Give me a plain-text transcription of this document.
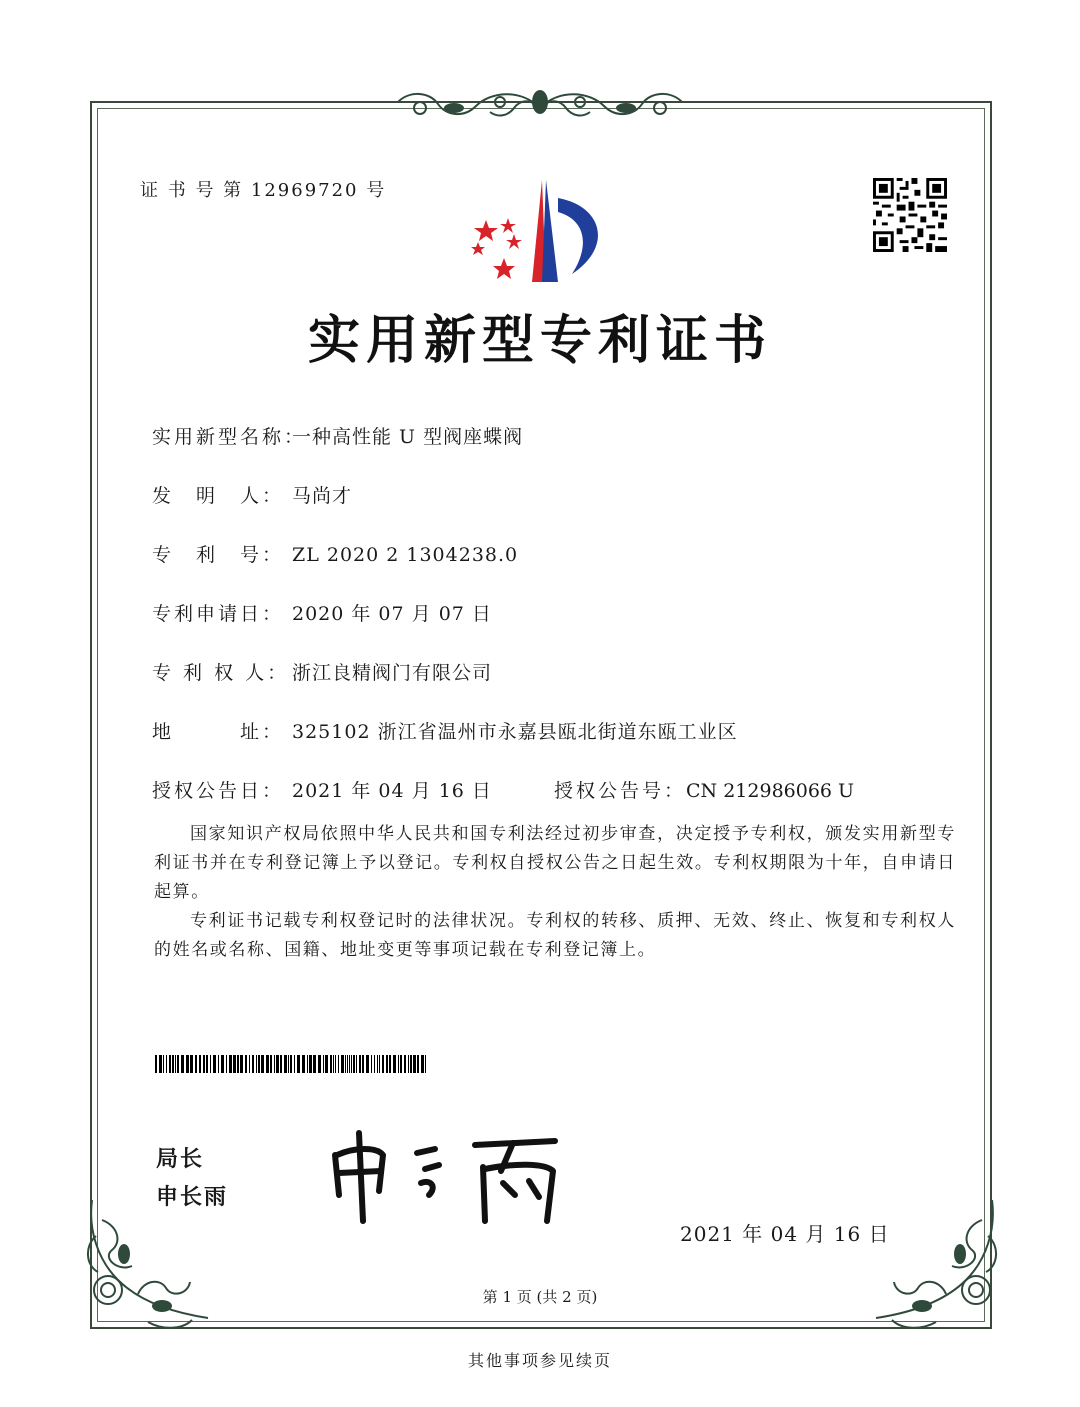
证 书 号 第 12969720 号
实用新型专利证书
实用新型名称：一种高性能 U 型阀座蝶阀
发　明　人： 马尚才
专　利　号： ZL 2020 2 1304238.0
专利申请日： 2020 年 07 月 07 日
专 利 权 人： 浙江良精阀门有限公司
地　　　址： 325102 浙江省温州市永嘉县瓯北街道东瓯工业区
授权公告日： 2021 年 04 月 16 日	授权公告号：CN 212986066 U
国家知识产权局依照中华人民共和国专利法经过初步审查，决定授予专利权，颁发实用新型专利证书并在专利登记簿上予以登记。专利权自授权公告之日起生效。专利权期限为十年，自申请日起算。
专利证书记载专利权登记时的法律状况。专利权的转移、质押、无效、终止、恢复和专利权人的姓名或名称、国籍、地址变更等事项记载在专利登记簿上。
局长
申长雨
2021 年 04 月 16 日
第 1 页 (共 2 页)
其他事项参见续页
